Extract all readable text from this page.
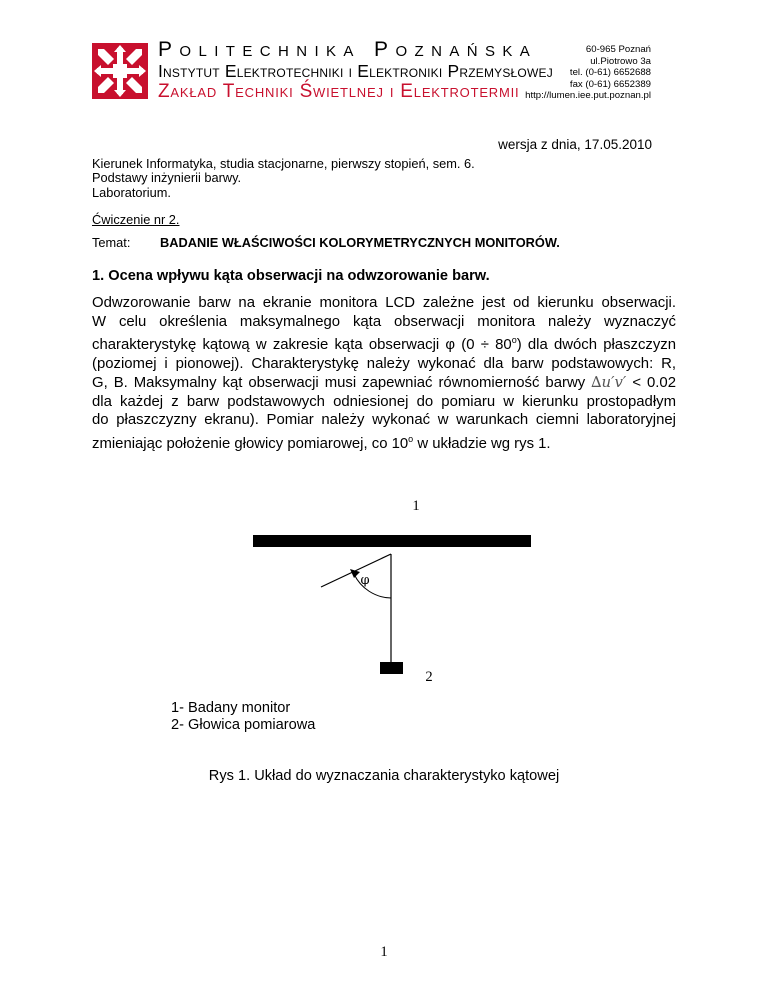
Politechnika Poznańska
Instytut Elektrotechniki i Elektroniki Przemysłowej
Zakład Techniki Świetlnej i Elektrotermii
60-965 Poznań
ul.Piotrowo 3a
tel. (0-61) 6652688
fax (0-61) 6652389
http://lumen.iee.put.poznan.pl
wersja z dnia, 17.05.2010
Kierunek Informatyka, studia stacjonarne, pierwszy stopień, sem. 6.
Podstawy inżynierii barwy.
Laboratorium.
Ćwiczenie nr 2.
Temat: BADANIE WŁAŚCIWOŚCI KOLORYMETRYCZNYCH MONITORÓW.
1. Ocena wpływu kąta obserwacji na odwzorowanie barw.
Odwzorowanie barw na ekranie monitora LCD zależne jest od kierunku obserwacji.
W celu określenia maksymalnego kąta obserwacji monitora należy wyznaczyć
charakterystykę kątową w zakresie kąta obserwacji φ $(0 \div 80^o)$ dla dwóch płaszczyzn
(poziomej i pionowej). Charakterystykę należy wykonać dla barw podstawowych: R,
G, B. Maksymalny kąt obserwacji musi zapewniać równomierność barwy ∆u′v′ < 0.02
dla każdej z barw podstawowych odniesionej do pomiaru w kierunku prostopadłym
do płaszczyzny ekranu). Pomiar należy wykonać w warunkach ciemni laboratoryjnej
zmieniając położenie głowicy pomiarowej, co 10$^o$ w układzie wg rys 1.
1
φ
2
1- Badany monitor
2- Głowica pomiarowa
Rys 1. Układ do wyznaczania charakterystyko kątowej
1
